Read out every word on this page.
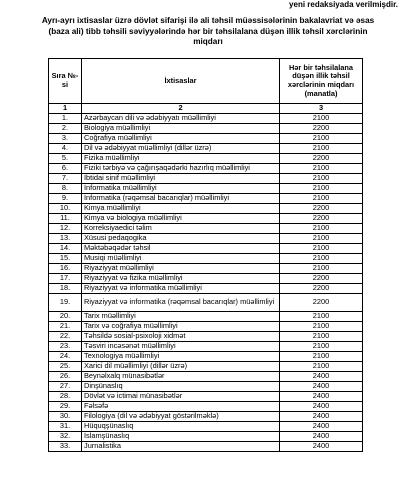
yeni redaksiyada verilmişdir.
Ayrı-ayrı ixtisaslar üzrə dövlət sifarişi ilə ali təhsil müəssisələrinin bakalavriat və əsas (baza ali) tibb təhsili səviyyələrində hər bir təhsilalana düşən illik təhsil xərclərinin miqdarı
Sıra №-si	İxtisaslar	Hər bir təhsilalana düşən illik təhsil xərclərinin miqdarı (manatla)
1	2	3
1.	Azərbaycan dili və ədəbiyyatı müəllimliyi	2100
2.	Biologiya müəllimliyi	2200
3.	Coğrafiya müəllimliyi	2100
4.	Dil və ədəbiyyat müəllimliyi (dillər üzrə)	2100
5.	Fizika müəllimliyi	2200
6.	Fiziki tərbiyə və çağırışaqədərki hazırlıq müəllimliyi	2100
7.	İbtidai sinif müəllimliyi	2100
8.	İnformatika müəllimliyi	2100
9.	İnformatika (rəqəmsal bacarıqlar) müəllimliyi	2100
10.	Kimya müəllimliyi	2200
11.	Kimya və biologiya müəllimliyi	2200
12.	Korreksiyaedici təlim	2100
13.	Xüsusi pedaqogika	2100
14.	Məktəbəqədər təhsil	2100
15.	Musiqi müəllimliyi	2100
16.	Riyaziyyat müəllimliyi	2100
17.	Riyaziyyat və fizika müəllimliyi	2200
18.	Riyaziyyat və informatika müəllimliyi	2200
19.	Riyaziyyat və informatika (rəqəmsal bacarıqlar) müəllimliyi	2200
20.	Tarix müəllimliyi	2100
21.	Tarix və coğrafiya müəllimliyi	2100
22.	Təhsildə sosial-psixoloji xidmət	2100
23.	Təsviri incəsənət müəllimliyi	2100
24.	Texnologiya müəllimliyi	2100
25.	Xarici dil müəllimliyi (dillər üzrə)	2100
26.	Beynəlxalq münasibətlər	2400
27.	Dinşünaslıq	2400
28.	Dövlət və ictimai münasibətlər	2400
29.	Fəlsəfə	2400
30.	Filologiya (dil və ədəbiyyat göstərilməklə)	2400
31.	Hüquqşünaslıq	2400
32.	İslamşünaslıq	2400
33.	Jurnalistika	2400
